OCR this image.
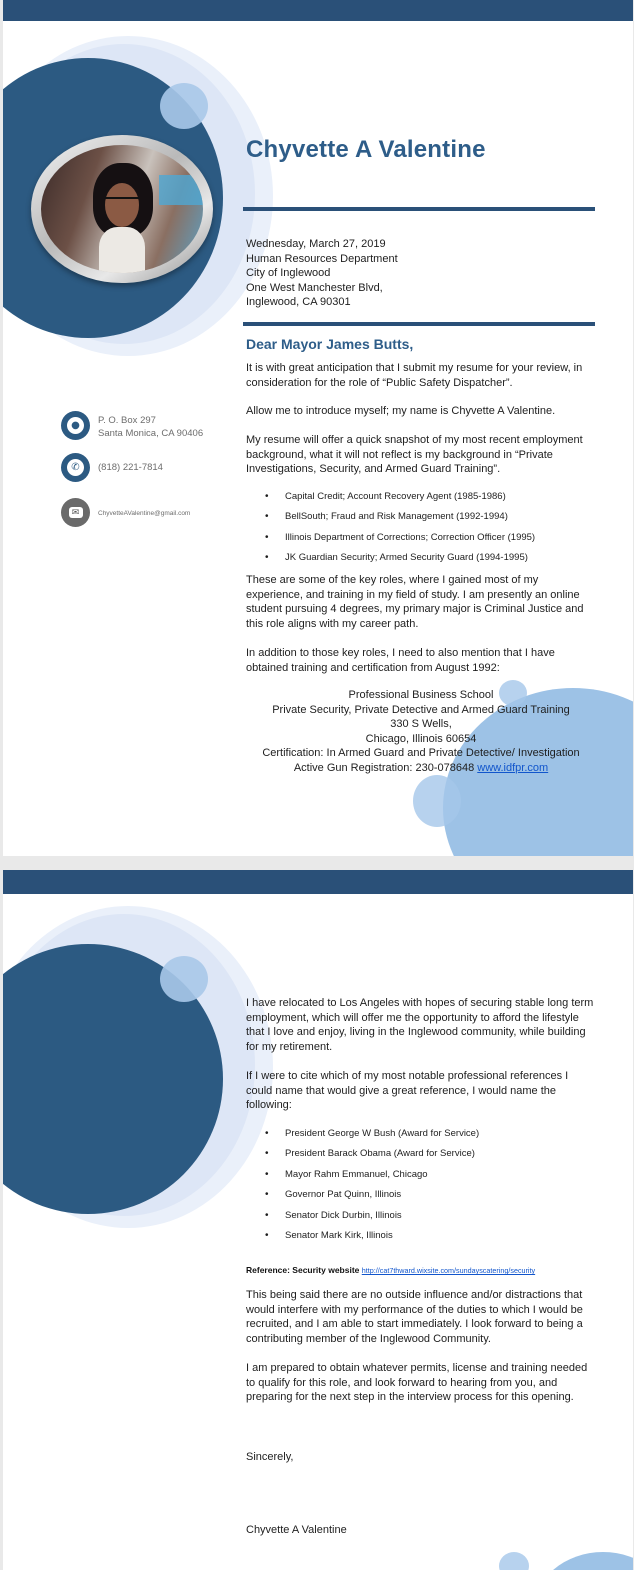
Chyvette A Valentine
Wednesday, March 27, 2019
Human Resources Department
City of Inglewood
One West Manchester Blvd,
Inglewood, CA 90301
Dear Mayor James Butts,

It is with great anticipation that I submit my resume for your review, in consideration for the role of “Public Safety Dispatcher”.

Allow me to introduce myself; my name is Chyvette A Valentine.

My resume will offer a quick snapshot of my most recent employment background, what it will not reflect is my background in “Private Investigations, Security, and Armed Guard Training”.

• Capital Credit; Account Recovery Agent (1985-1986)
• BellSouth; Fraud and Risk Management (1992-1994)
• Illinois Department of Corrections; Correction Officer (1995)
• JK Guardian Security; Armed Security Guard (1994-1995)

These are some of the key roles, where I gained most of my experience, and training in my field of study. I am presently an online student pursuing 4 degrees, my primary major is Criminal Justice and this role aligns with my career path.

In addition to those key roles, I need to also mention that I have obtained training and certification from August 1992:

Professional Business School
Private Security, Private Detective and Armed Guard Training
330 S Wells,
Chicago, Illinois 60654
Certification: In Armed Guard and Private Detective/ Investigation
Active Gun Registration: 230-078648 www.idfpr.com
●	P. O. Box 297
Santa Monica, CA 90406
✆	(818) 221-7814
✉	ChyvetteAValentine@gmail.com

I have relocated to Los Angeles with hopes of securing stable long term employment, which will offer me the opportunity to afford the lifestyle that I love and enjoy, living in the Inglewood community, while building for my retirement.

If I were to cite which of my most notable professional references I could name that would give a great reference, I would name the following:

• President George W Bush (Award for Service)
• President Barack Obama (Award for Service)
• Mayor Rahm Emmanuel, Chicago
• Governor Pat Quinn, Illinois
• Senator Dick Durbin, Illinois
• Senator Mark Kirk, Illinois
Reference: Security website http://cat7thward.wixsite.com/sundayscatering/security

This being said there are no outside influence and/or distractions that would interfere with my performance of the duties to which I would be recruited, and I am able to start immediately. I look forward to being a contributing member of the Inglewood Community.

I am prepared to obtain whatever permits, license and training needed to qualify for this role, and look forward to hearing from you, and preparing for the next step in the interview process for this opening.

Sincerely,
Chyvette A Valentine
